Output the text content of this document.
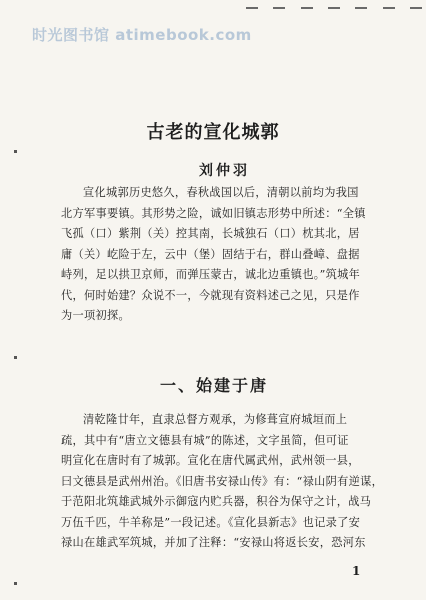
时光图书馆 atimebook.com
古老的宣化城郭
刘仲羽
宣化城郭历史悠久，春秋战国以后，清朝以前均为我国
北方军事要镇。其形势之险，诚如旧镇志形势中所述：“全镇
飞孤（口）紫荆（关）控其南，长城独石（口）枕其北，居
庸（关）屹险于左，云中（堡）固结于右，群山叠嶂、盘据
峙列，足以拱卫京师，而弹压蒙古，诚北边重镇也。”筑城年
代，何时始建？众说不一，今就现有资料述己之见，只是作
为一项初探。
一、始建于唐
清乾隆廿年，直隶总督方观承，为修葺宣府城垣而上
疏，其中有“唐立文德县有城”的陈述，文字虽简，但可证
明宣化在唐时有了城郭。宣化在唐代属武州，武州领一县，
曰文德县是武州州治。《旧唐书安禄山传》有：“禄山阴有逆谋，
于范阳北筑雄武城外示御寇内贮兵器，积谷为保守之计，战马
万伍千匹，牛羊称是”一段记述。《宣化县新志》也记录了安
禄山在雄武军筑城，并加了注释：“安禄山将返长安，恐河东
1
